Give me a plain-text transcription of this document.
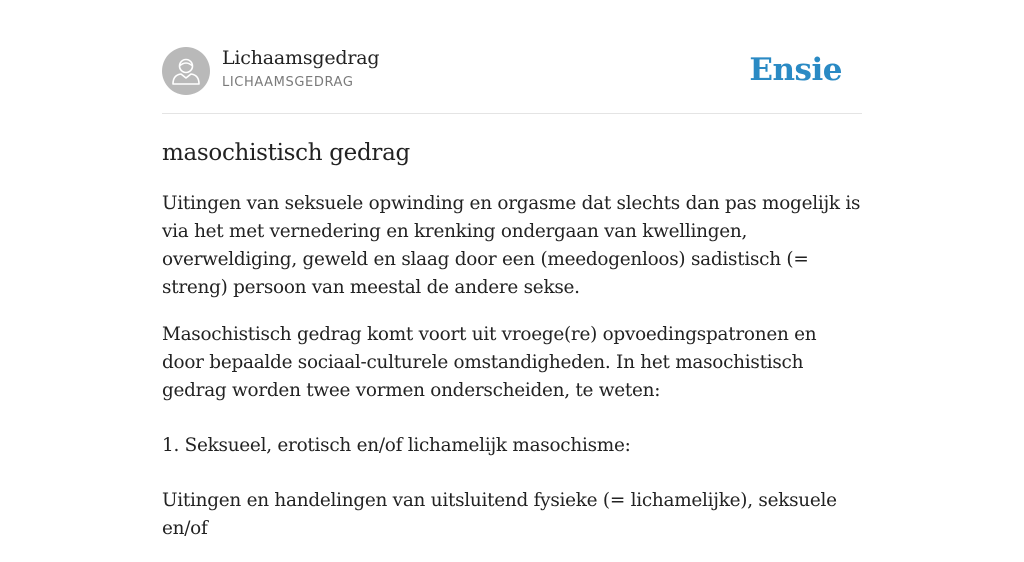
Lichaamsgedrag
LICHAAMSGEDRAG	Ensie
masochistisch gedrag

Uitingen van seksuele opwinding en orgasme dat slechts dan pas mogelijk is via het met vernedering en krenking ondergaan van kwellingen, overweldiging, geweld en slaag door een (meedogenloos) sadistisch (= streng) persoon van meestal de andere sekse.

Masochistisch gedrag komt voort uit vroege(re) opvoedingspatronen en door bepaalde sociaal-culturele omstandigheden. In het masochistisch gedrag worden twee vormen onderscheiden, te weten:

1. Seksueel, erotisch en/of lichamelijk masochisme:

Uitingen en handelingen van uitsluitend fysieke (= lichamelijke), seksuele en/of
